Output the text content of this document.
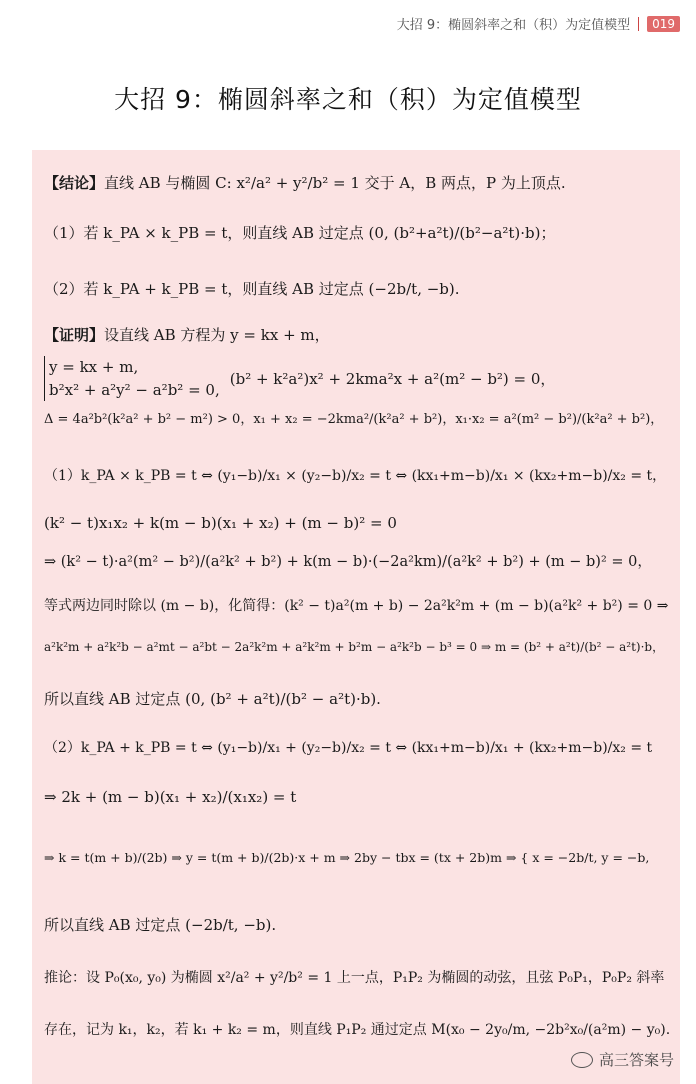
大招 9：椭圆斜率之和（积）为定值模型	019
大招 9：椭圆斜率之和（积）为定值模型
【结论】 直线 AB 与椭圆 C: x²/a² + y²/b² = 1 交于 A，B 两点，P 为上顶点.
（1）若 k_PA × k_PB = t，则直线 AB 过定点 (0, (b²+a²t)/(b²−a²t)·b)；
（2）若 k_PA + k_PB = t，则直线 AB 过定点 (−2b/t, −b).
【证明】 设直线 AB 方程为 y = kx + m，
y = kx + m,
b²x² + a²y² − a²b² = 0,
(b² + k²a²)x² + 2kma²x + a²(m² − b²) = 0，
Δ = 4a²b²(k²a² + b² − m²) > 0，x₁ + x₂ = −2kma²/(k²a² + b²)，x₁·x₂ = a²(m² − b²)/(k²a² + b²)，
（1）k_PA × k_PB = t ⇔ (y₁−b)/x₁ × (y₂−b)/x₂ = t ⇔ (kx₁+m−b)/x₁ × (kx₂+m−b)/x₂ = t，
(k² − t)x₁x₂ + k(m − b)(x₁ + x₂) + (m − b)² = 0
⇒ (k² − t)·a²(m² − b²)/(a²k² + b²) + k(m − b)·(−2a²km)/(a²k² + b²) + (m − b)² = 0，
等式两边同时除以 (m − b)，化简得：(k² − t)a²(m + b) − 2a²k²m + (m − b)(a²k² + b²) = 0 ⇒
a²k²m + a²k²b − a²mt − a²bt − 2a²k²m + a²k²m + b²m − a²k²b − b³ = 0 ⇒ m = (b² + a²t)/(b² − a²t)·b，
所以直线 AB 过定点 (0, (b² + a²t)/(b² − a²t)·b).
（2）k_PA + k_PB = t ⇔ (y₁−b)/x₁ + (y₂−b)/x₂ = t ⇔ (kx₁+m−b)/x₁ + (kx₂+m−b)/x₂ = t
⇒ 2k + (m − b)(x₁ + x₂)/(x₁x₂) = t
⇒ k = t(m + b)/(2b) ⇒ y = t(m + b)/(2b)·x + m ⇒ 2by − tbx = (tx + 2b)m ⇒ { x = −2b/t, y = −b,
所以直线 AB 过定点 (−2b/t, −b).
推论：设 P₀(x₀, y₀) 为椭圆 x²/a² + y²/b² = 1 上一点，P₁P₂ 为椭圆的动弦，且弦 P₀P₁，P₀P₂ 斜率
存在，记为 k₁，k₂，若 k₁ + k₂ = m，则直线 P₁P₂ 通过定点 M(x₀ − 2y₀/m, −2b²x₀/(a²m) − y₀).
高三答案号
